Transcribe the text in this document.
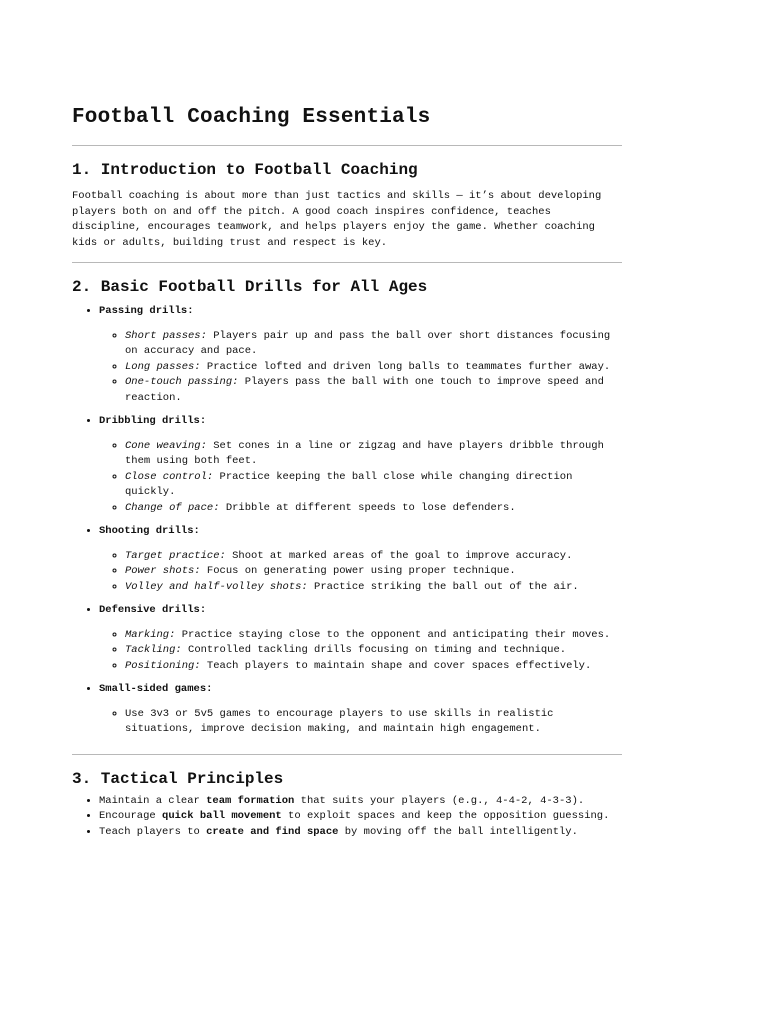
Football Coaching Essentials
1. Introduction to Football Coaching

Football coaching is about more than just tactics and skills — it’s about developing players both on and off the pitch. A good coach inspires confidence, teaches discipline, encourages teamwork, and helps players enjoy the game. Whether coaching kids or adults, building trust and respect is key.

2. Basic Football Drills for All Ages
• Passing drills:
◦ Short passes: Players pair up and pass the ball over short distances focusing on accuracy and pace.
◦ Long passes: Practice lofted and driven long balls to teammates further away.
◦ One-touch passing: Players pass the ball with one touch to improve speed and reaction.
• Dribbling drills:
◦ Cone weaving: Set cones in a line or zigzag and have players dribble through them using both feet.
◦ Close control: Practice keeping the ball close while changing direction quickly.
◦ Change of pace: Dribble at different speeds to lose defenders.
• Shooting drills:
◦ Target practice: Shoot at marked areas of the goal to improve accuracy.
◦ Power shots: Focus on generating power using proper technique.
◦ Volley and half-volley shots: Practice striking the ball out of the air.
• Defensive drills:
◦ Marking: Practice staying close to the opponent and anticipating their moves.
◦ Tackling: Controlled tackling drills focusing on timing and technique.
◦ Positioning: Teach players to maintain shape and cover spaces effectively.
• Small-sided games:
◦ Use 3v3 or 5v5 games to encourage players to use skills in realistic situations, improve decision making, and maintain high engagement.
3. Tactical Principles
• Maintain a clear team formation that suits your players (e.g., 4-4-2, 4-3-3).
• Encourage quick ball movement to exploit spaces and keep the opposition guessing.
• Teach players to create and find space by moving off the ball intelligently.
